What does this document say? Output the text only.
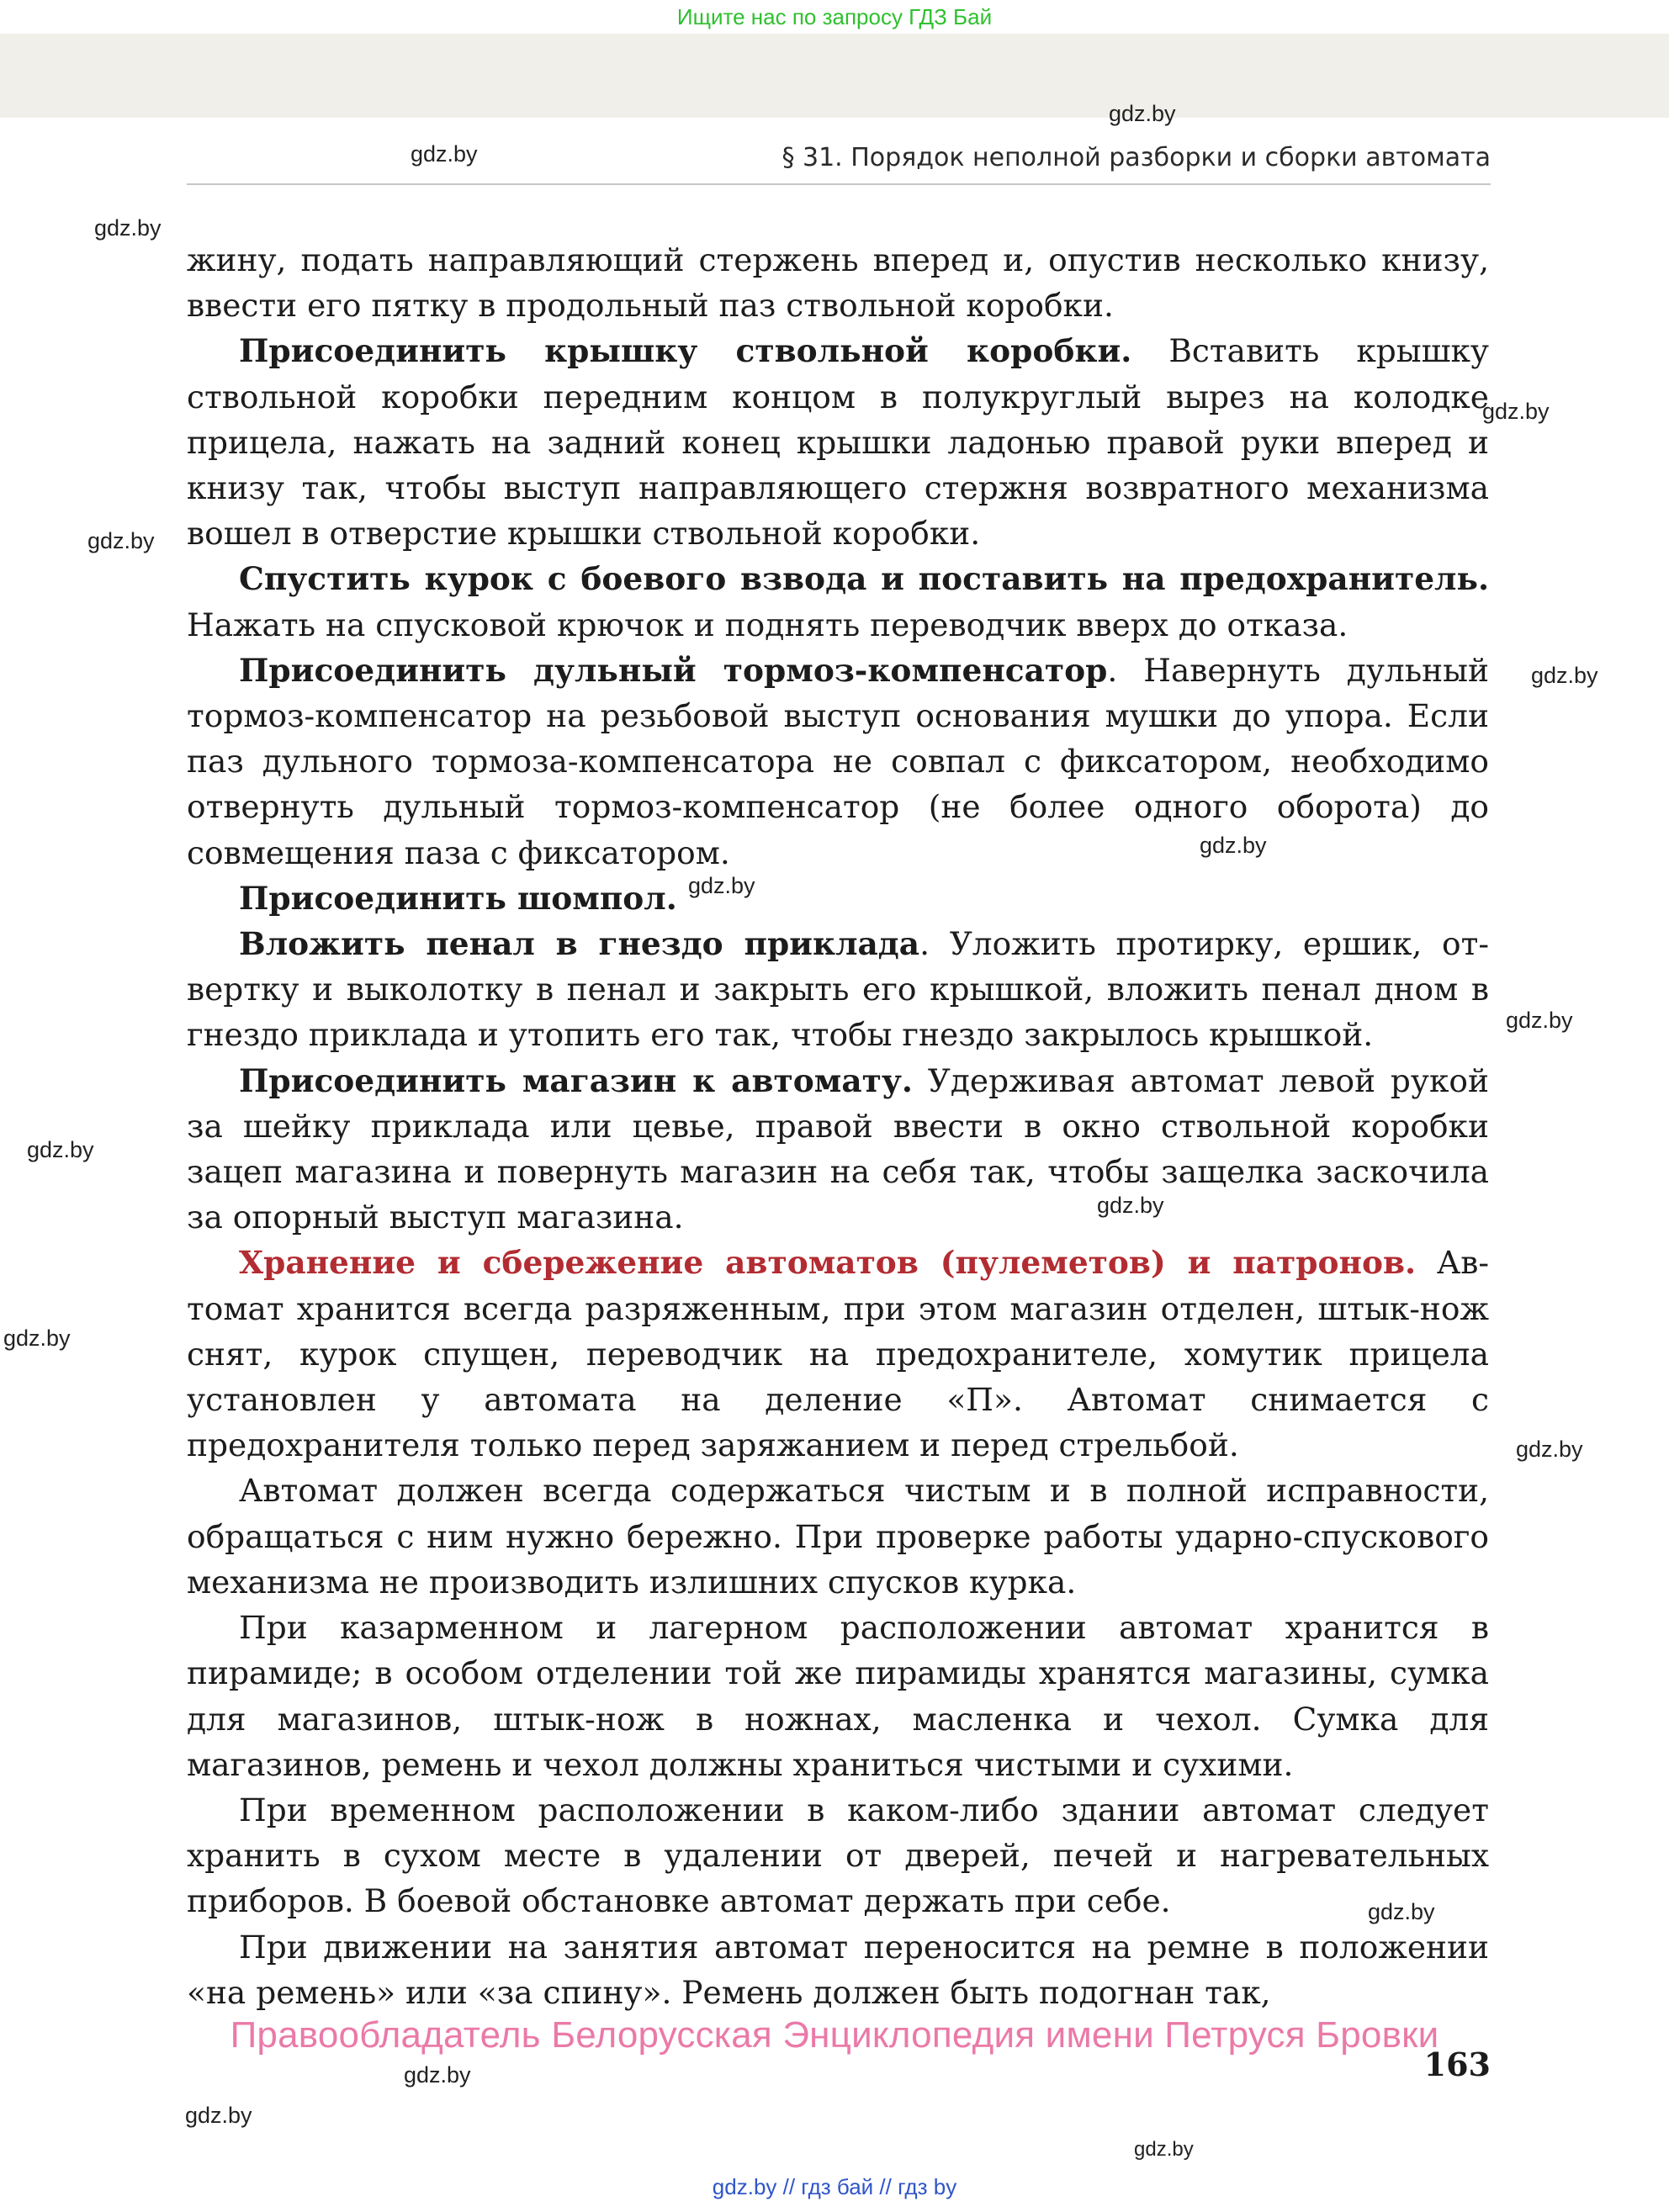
Ищите нас по запросу ГДЗ Бай
§ 31. Порядок неполной разборки и сборки автомата
gdz.by
gdz.by
gdz.by
gdz.by
gdz.by
gdz.by
gdz.by
gdz.by
gdz.by
gdz.by
gdz.by
gdz.by
gdz.by
gdz.by
gdz.by
gdz.by
gdz.by

жину, подать направляющий стержень вперед и, опустив несколько книзу, ввести его пятку в продольный паз ствольной коробки.

Присоединить крышку ствольной коробки. Вставить крышку ствольной коробки передним концом в полукруглый вырез на колодке прицела, нажать на задний конец крышки ладонью правой руки вперед и книзу так, чтобы выступ направляющего стержня возвратного механизма вошел в отверстие крышки ствольной коробки.

Спустить курок с боевого взвода и поставить на предохранитель. Нажать на спусковой крючок и поднять переводчик вверх до отказа.

Присоединить дульный тормоз-компенсатор. Навернуть дульный тормоз-компенсатор на резьбовой выступ основания мушки до упора. Если паз дульного тормоза-компенсатора не совпал с фиксатором, необходимо отвернуть дульный тормоз-компенсатор (не более одного оборота) до совмещения паза с фиксатором.

Присоединить шомпол.

Вложить пенал в гнездо приклада. Уложить протирку, ершик, отвертку и выколотку в пенал и закрыть его крышкой, вложить пенал дном в гнездо приклада и утопить его так, чтобы гнездо закрылось крышкой.

Присоединить магазин к автомату. Удерживая автомат левой рукой за шейку приклада или цевье, правой ввести в окно ствольной коробки зацеп магазина и повернуть магазин на себя так, чтобы защелка заскочила за опорный выступ магазина.

Хранение и сбережение автоматов (пулеметов) и патронов. Автомат хранится всегда разряженным, при этом магазин отделен, штык-нож снят, курок спущен, переводчик на предохранителе, хомутик прицела установлен у автомата на деление «П». Автомат снимается с предохранителя только перед заряжанием и перед стрельбой.

Автомат должен всегда содержаться чистым и в полной исправности, обращаться с ним нужно бережно. При проверке работы ударно-спускового механизма не производить излишних спусков курка.

При казарменном и лагерном расположении автомат хранится в пирамиде; в особом отделении той же пирамиды хранятся магазины, сумка для магазинов, штык-нож в ножнах, масленка и чехол. Сумка для магазинов, ремень и чехол должны храниться чистыми и сухими.

При временном расположении в каком-либо здании автомат следует хранить в сухом месте в удалении от дверей, печей и нагревательных приборов. В боевой обстановке автомат держать при себе.

При движении на занятия автомат переносится на ремне в положении «на ремень» или «за спину». Ремень должен быть подогнан так,

Правообладатель Белорусская Энциклопедия имени Петруся Бровки
163
gdz.by // гдз бай // гдз by
